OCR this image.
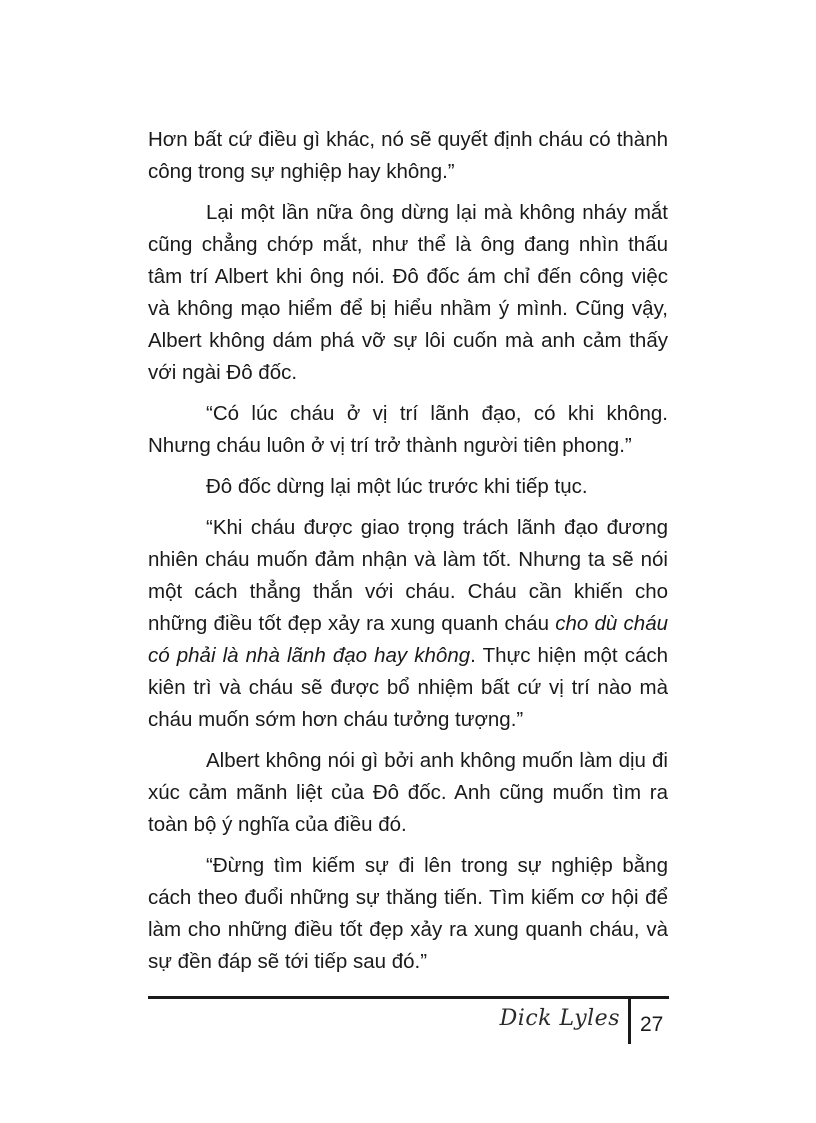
Hơn bất cứ điều gì khác, nó sẽ quyết định cháu có thành công trong sự nghiệp hay không.”

Lại một lần nữa ông dừng lại mà không nháy mắt cũng chẳng chớp mắt, như thể là ông đang nhìn thấu tâm trí Albert khi ông nói. Đô đốc ám chỉ đến công việc và không mạo hiểm để bị hiểu nhầm ý mình. Cũng vậy, Albert không dám phá vỡ sự lôi cuốn mà anh cảm thấy với ngài Đô đốc.

“Có lúc cháu ở vị trí lãnh đạo, có khi không. Nhưng cháu luôn ở vị trí trở thành người tiên phong.”

Đô đốc dừng lại một lúc trước khi tiếp tục.

“Khi cháu được giao trọng trách lãnh đạo đương nhiên cháu muốn đảm nhận và làm tốt. Nhưng ta sẽ nói một cách thẳng thắn với cháu. Cháu cần khiến cho những điều tốt đẹp xảy ra xung quanh cháu cho dù cháu có phải là nhà lãnh đạo hay không. Thực hiện một cách kiên trì và cháu sẽ được bổ nhiệm bất cứ vị trí nào mà cháu muốn sớm hơn cháu tưởng tượng.”

Albert không nói gì bởi anh không muốn làm dịu đi xúc cảm mãnh liệt của Đô đốc. Anh cũng muốn tìm ra toàn bộ ý nghĩa của điều đó.

“Đừng tìm kiếm sự đi lên trong sự nghiệp bằng cách theo đuổi những sự thăng tiến. Tìm kiếm cơ hội để làm cho những điều tốt đẹp xảy ra xung quanh cháu, và sự đền đáp sẽ tới tiếp sau đó.”

Dick Lyles 27
